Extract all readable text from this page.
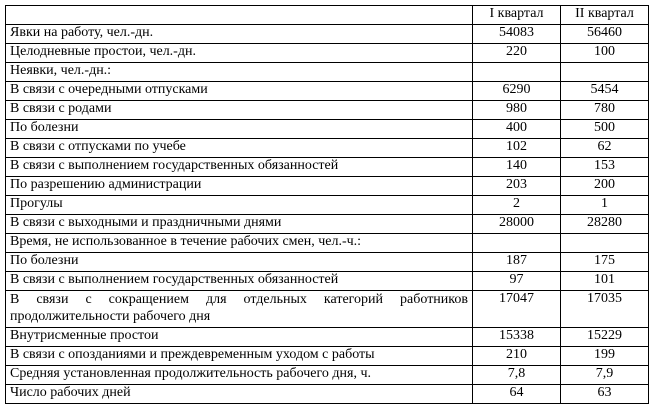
	I квартал	II квартал
Явки на работу, чел.-дн.	54083	56460
Целодневные простои, чел.-дн.	220	100
Неявки, чел.-дн.:		
В связи с очередными отпусками	6290	5454
В связи с родами	980	780
По болезни	400	500
В связи с отпусками по учебе	102	62
В связи с выполнением государственных обязанностей	140	153
По разрешению администрации	203	200
Прогулы	2	1
В связи с выходными и праздничными днями	28000	28280
Время, не использованное в течение рабочих смен, чел.-ч.:		
По болезни	187	175
В связи с выполнением государственных обязанностей	97	101
В связи с сокращением для отдельных категорий работников продолжительности рабочего дня	17047	17035
Внутрисменные простои	15338	15229
В связи с опозданиями и преждевременным уходом с работы	210	199
Средняя установленная продолжительность рабочего дня, ч.	7,8	7,9
Число рабочих дней	64	63
